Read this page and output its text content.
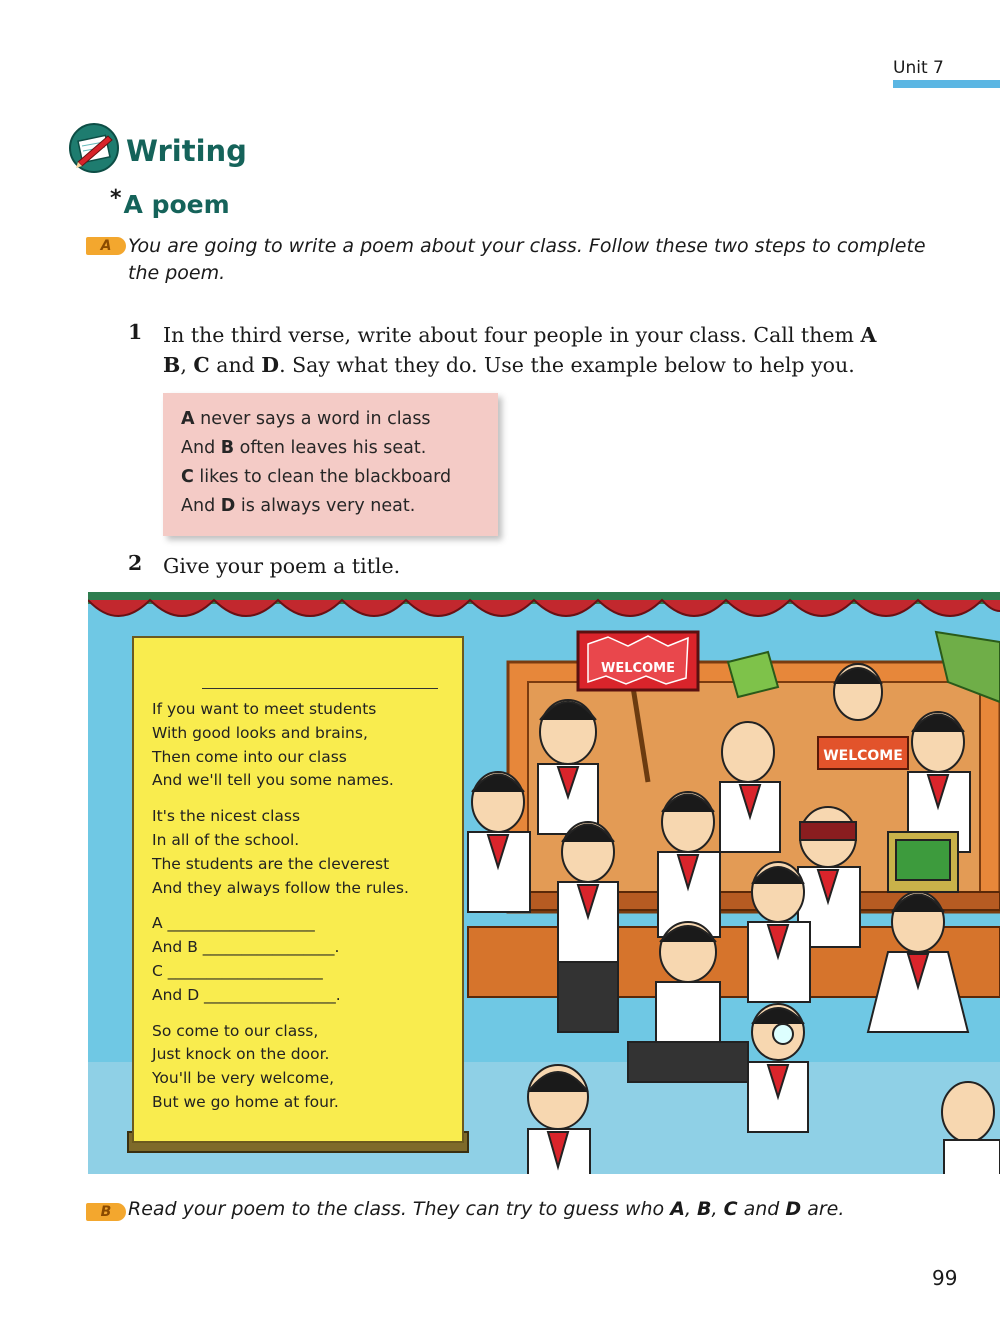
Unit 7
Writing
*A poem
A You are going to write a poem about your class. Follow these two steps to complete
the poem.
1 In the third verse, write about four people in your class. Call them A
B, C and D. Say what they do. Use the example below to help you.
A never says a word in class
And B often leaves his seat.
C likes to clean the blackboard
And D is always very neat.
2 Give your poem a title.
WELCOME
WELCOME
If you want to meet students
With good looks and brains,
Then come into our class
And we'll tell you some names.
It's the nicest class
In all of the school.
The students are the cleverest
And they always follow the rules.
A ___________________
And B _________________.
C ____________________
And D _________________.
So come to our class,
Just knock on the door.
You'll be very welcome,
But we go home at four.
B Read your poem to the class. They can try to guess who A, B, C and D are.
99
